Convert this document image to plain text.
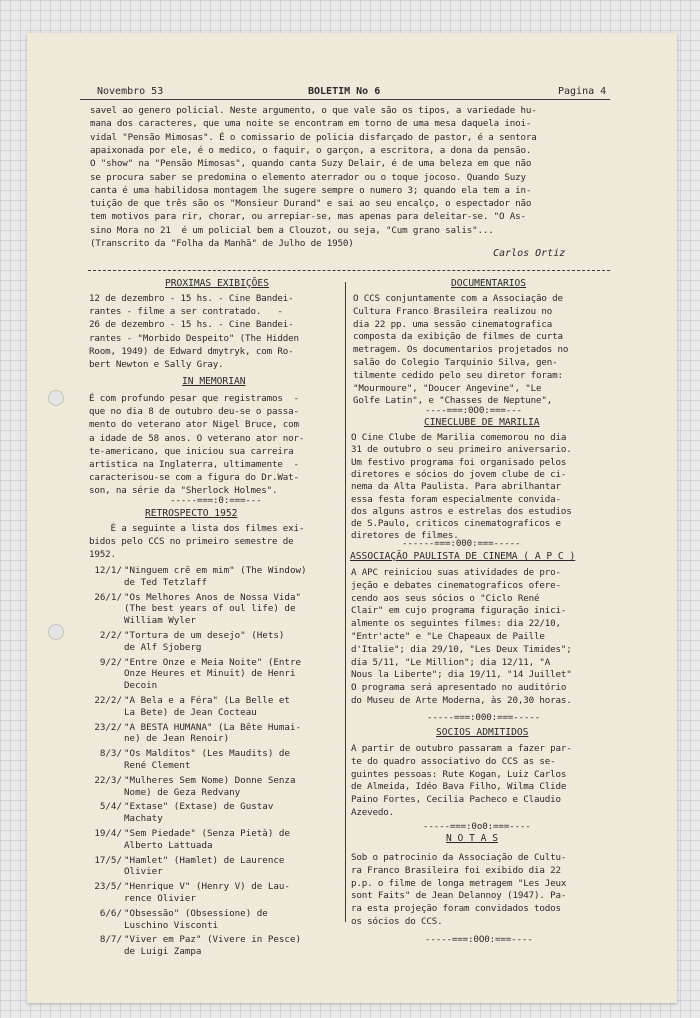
Novembro 53	BOLETIM No 6	Pagina 4
savel ao genero policial. Neste argumento, o que vale são os tipos, a variedade hu-
mana dos caracteres, que uma noite se encontram em torno de uma mesa daquela inoi-
vidal "Pensão Mimosas". É o comissario de policia disfarçado de pastor, é a sentora
apaixonada por ele, é o medico, o faquir, o garçon, a escritora, a dona da pensão.
O "show" na "Pensão Mimosas", quando canta Suzy Delair, é de uma beleza em que não
se procura saber se predomina o elemento aterrador ou o toque jocoso. Quando Suzy
canta é uma habilidosa montagem lhe sugere sempre o numero 3; quando ela tem a in-
tuição de que três são os "Monsieur Durand" e sai ao seu encalço, o espectador não
tem motivos para rir, chorar, ou arrepiar-se, mas apenas para deleitar-se. "O As-
sino Mora no 21  é um policial bem a Clouzot, ou seja, "Cum grano salis"...
(Transcrito da "Folha da Manhã" de Julho de 1950)
Carlos Ortiz
PROXIMAS EXIBIÇÕES
12 de dezembro - 15 hs. - Cine Bandei-
rantes - filme a ser contratado.   -
26 de dezembro - 15 hs. - Cine Bandei-
rantes - "Morbido Despeito" (The Hidden
Room, 1949) de Edward dmytryk, com Ro-
bert Newton e Sally Gray.
IN MEMORIAN
É com profundo pesar que registramos  -
que no dia 8 de outubro deu-se o passa-
mento do veterano ator Nigel Bruce, com
a idade de 58 anos. O veterano ator nor-
te-americano, que iniciou sua carreira
artistica na Inglaterra, ultimamente  -
caracterisou-se com a figura do Dr.Wat-
son, na série da "Sherlock Holmes".
-----===:0:===---
RETROSPECTO 1952
É a seguinte a lista dos filmes exi-
bidos pelo CCS no primeiro semestre de
1952.
12/1/ "Ninguem crê em mim" (The Window)
de Ted Tetzlaff
26/1/ "Os Melhores Anos de Nossa Vida"
(The best years of oul life) de
William Wyler
2/2/ "Tortura de um desejo" (Hets)
de Alf Sjoberg
9/2/ "Entre Onze e Meia Noite" (Entre
Onze Heures et Minuit) de Henri
Decoin
22/2/ "A Bela e a Féra" (La Belle et
La Bete) de Jean Cocteau
23/2/ "A BESTA HUMANA" (La Bête Humai-
ne) de Jean Renoir)
8/3/ "Os Malditos" (Les Maudits) de
René Clement
22/3/ "Mulheres Sem Nome) Donne Senza
Nome) de Geza Redvany
5/4/ "Extase" (Extase) de Gustav
Machaty
19/4/ "Sem Piedade" (Senza Pietà) de
Alberto Lattuada
17/5/ "Hamlet" (Hamlet) de Laurence
Olivier
23/5/ "Henrique V" (Henry V) de Lau-
rence Olivier
6/6/ "Obsessão" (Obsessione) de
Luschino Visconti
8/7/ "Viver em Paz" (Vivere in Pesce)
de Luigi Zampa
DOCUMENTARIOS
O CCS conjuntamente com a Associação de
Cultura Franco Brasileira realizou no
dia 22 pp. uma sessão cinematografica
composta da exibição de filmes de curta
metragem. Os documentarios projetados no
salão do Colegio Tarquinio Silva, gen-
tilmente cedido pelo seu diretor foram:
"Mourmoure", "Doucer Angevine", "Le
Golfe Latin", e "Chasses de Neptune",
----===:0O0:===---
CINECLUBE DE MARILIA
O Cine Clube de Marilia comemorou no dia
31 de outubro o seu primeiro aniversario.
Um festivo programa foi organisado pelos
diretores e sócios do jovem clube de ci-
nema da Alta Paulista. Para abrilhantar
essa festa foram especialmente convida-
dos alguns astros e estrelas dos estudios
de S.Paulo, criticos cinematograficos e
diretores de filmes.
------===:000:===-----
ASSOCIAÇÃO PAULISTA DE CINEMA ( A P C )
A APC reiniciou suas atividades de pro-
jeção e debates cinematograficos ofere-
cendo aos seus sócios o "Ciclo René
Clair" em cujo programa figuração inici-
almente os seguintes filmes: dia 22/10,
"Entr'acte" e "Le Chapeaux de Paille
d'Italie"; dia 29/10, "Les Deux Timides";
dia 5/11, "Le Million"; dia 12/11, "A
Nous la Liberte"; dia 19/11, "14 Juillet"
O programa será apresentado no auditório
do Museu de Arte Moderna, às 20,30 horas.
-----===:000:===-----
SOCIOS ADMITIDOS
A partir de outubro passaram a fazer par-
te do quadro associativo do CCS as se-
guintes pessoas: Rute Kogan, Luiz Carlos
de Almeida, Idéo Bava Filho, Wilma Clide
Paino Fortes, Cecilia Pacheco e Claudio
Azevedo.
-----===:0o0:===----
N O T A S
Sob o patrocinio da Associação de Cultu-
ra Franco Brasileira foi exibido dia 22
p.p. o filme de longa metragem "Les Jeux
sont Faits" de Jean Delannoy (1947). Pa-
ra esta projeção foram convidados todos
os sócios do CCS.
-----===:0O0:===----
